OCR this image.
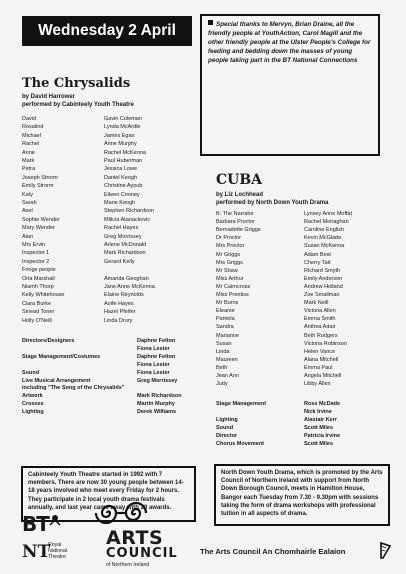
Wednesday 2 April	Special thanks to Mervyn, Brian Draine, all the friendly people at YouthAction, Carol Magill and the other friendly people at the Ulster People's College for feeding and bedding down the masses of young people taking part in the BT National Connections
The Chrysalids
by David Harrower
performed by Cabinteely Youth Theatre
David	Gavin Coleman
Rosalind	Lynda McArdle
Michael	James Egan
Rachel	Anne Murphy
Anne	Rachel McKenna
Mark	Paul Huberman
Petra	Jessica Lowe
Joseph Strorm	Daniel Keogh
Emily Strorm	Christine Ayoub
Katy	Eileen Cooney
Sarah	Marie Keogh
Axel	Stephen Richardson
Sophie Wender	Milicia Atanackovic
Mary Wender	Rachel Hayes
Alan	Greg Morrissey
Mrs Ervin	Arlene McDonald
Inspector 1	Mark Richardson
Inspector 2	Gerard Kelly
Fringe people
Orla Marshall	Amanda Geoghan
Niamh Thorp	Jane Anne McKenna
Kelly Whitehouse	Elaine Reynolds
Ciara Burke	Aoife Hayes
Sinead Toner	Hazel Pfeifer
Holly O'Neill	Linda Drury
Directors/Designers	Daphne Felton
Fiona Lester
Stage Management/Costumes	Daphne Felton
Fiona Lester
Sound	Fiona Lester
Live Musical Arrangement	Greg Morrissey
including "The Song of the Chrysalids"
Artwork	Mark Richardson
Crosses	Martin Murphy
Lighting	Derek Williams
Cabinteely Youth Theatre started in 1992 with 7 members. There are now 30 young people between 14-18 years involved who meet every Friday for 2 hours. They participate in 2 local youth drama festivals annually, and last year came away with 20 awards.
CUBA
by Liz Lochhead
performed by North Down Youth Drama
B: The Narrator	Lynsey Anne Moffat
Barbara Proctor	Rachel Monaghan
Bernadette Griggs	Caroline English
Dr Proctor	Kevin McGlade
Mrs Proctor	Susan McKenna
Mr Griggs	Adam Best
Mrs Griggs	Cherry Tait
Mr Shaw	Richard Smyth
Miss Arthur	Emily Anderson
Mr Cairncross	Andrew Holland
Miss Prentiss	Zoe Smallman
Mr Burns	Mark Neill
Eleanor	Victoria Allen
Pamela	Emma Smith
Sandra	Anthea Adair
Marianne	Beth Rodgers
Susan	Victoria Robinson
Linda	Helen Vance
Maureen	Alana Mitchell
Beth	Emma Paul
Jean Ann	Angela Mitchell
Judy	Libby Allen
Stage Management	Ross McDade
Nick Irvine
Lighting	Alastair Kerr
Sound	Scott Miles
Director	Patricia Irvine
Chorus Movement	Scott Miles
North Down Youth Drama, which is promoted by the Arts Council of Northern Ireland with support from North Down Borough Council, meets in Hamilton House, Bangor each Tuesday from 7.30 - 9.30pm with sessions taking the form of drama workshops with professional tuition in all aspects of drama.
BT
NT
Royal
National
Theatre
ARTS
COUNCIL
of Northern Ireland
The Arts Council An Chomhairle Ealaíon
